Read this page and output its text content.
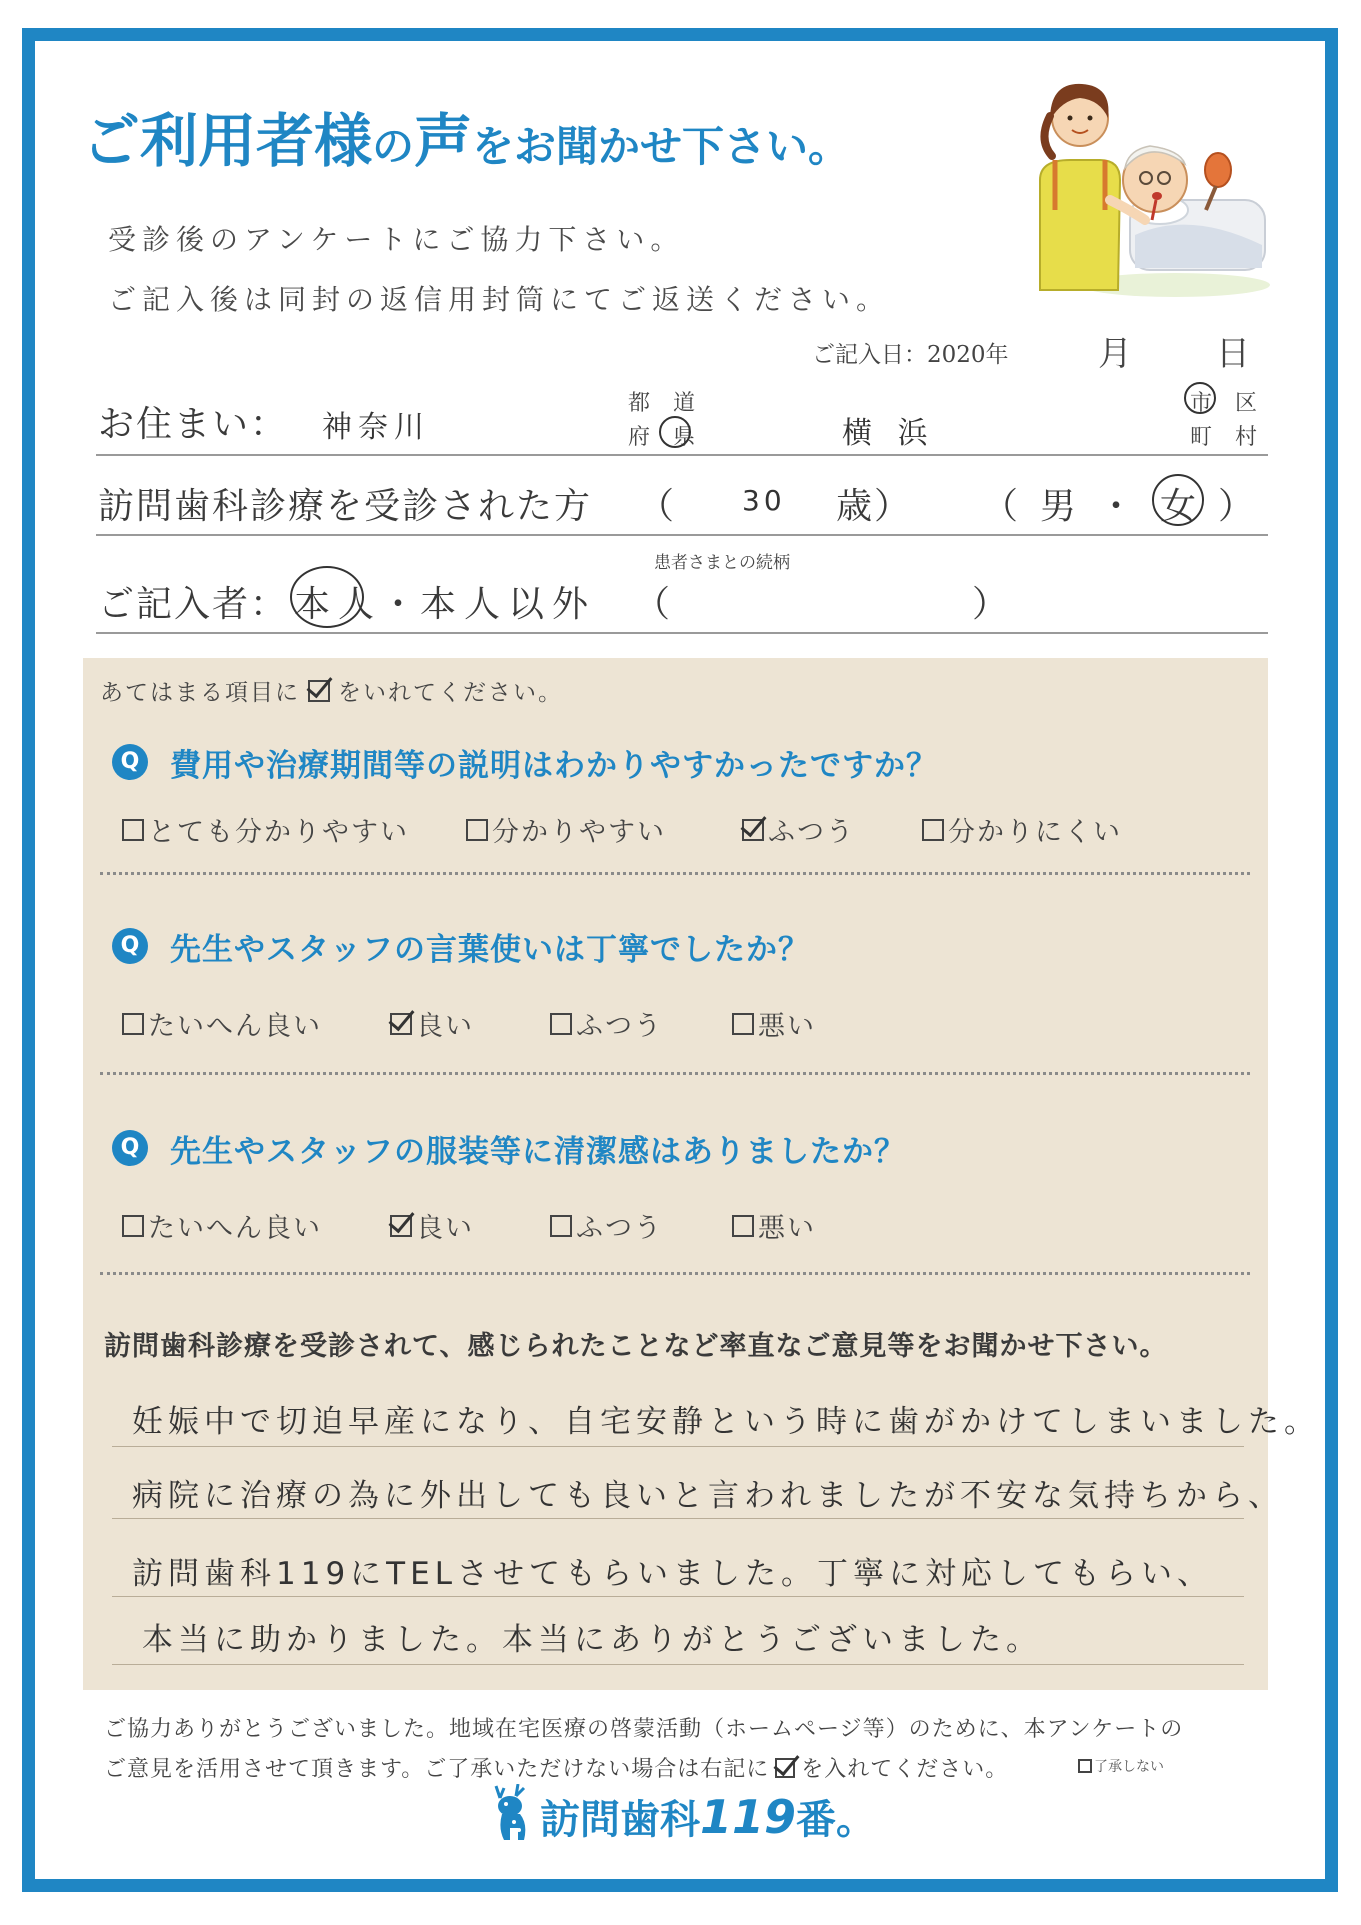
ご利用者様の声をお聞かせ下さい。
受診後のアンケートにご協力下さい。
ご記入後は同封の返信用封筒にてご返送ください。
ご記入日：2020年	月 日
お住まい： 神奈川
都 道
府 県	横 浜
市 区
町 村
訪問歯科診療を受診された方 （ 30 歳） （ 男 ・ 女 ）
患者さまとの続柄
ご記入者： 本人
・ 本人以外 （	）
あてはまる項目に をいれてください。
Q 費用や治療期間等の説明はわかりやすかったですか？
とても分かりやすい	分かりやすい	ふつう	分かりにくい
Q 先生やスタッフの言葉使いは丁寧でしたか？
たいへん良い	良い	ふつう	悪い
Q 先生やスタッフの服装等に清潔感はありましたか？
たいへん良い	良い	ふつう	悪い
訪問歯科診療を受診されて、感じられたことなど率直なご意見等をお聞かせ下さい。
妊娠中で切迫早産になり、自宅安静という時に歯がかけてしまいました。
病院に治療の為に外出しても良いと言われましたが不安な気持ちから、
訪問歯科119にTELさせてもらいました。丁寧に対応してもらい、
本当に助かりました。本当にありがとうございました。
ご協力ありがとうございました。地域在宅医療の啓蒙活動（ホームページ等）のために、本アンケートの
ご意見を活用させて頂きます。ご了承いただけない場合は右記に を入れてください。	了承しない
訪問歯科 119 番。
